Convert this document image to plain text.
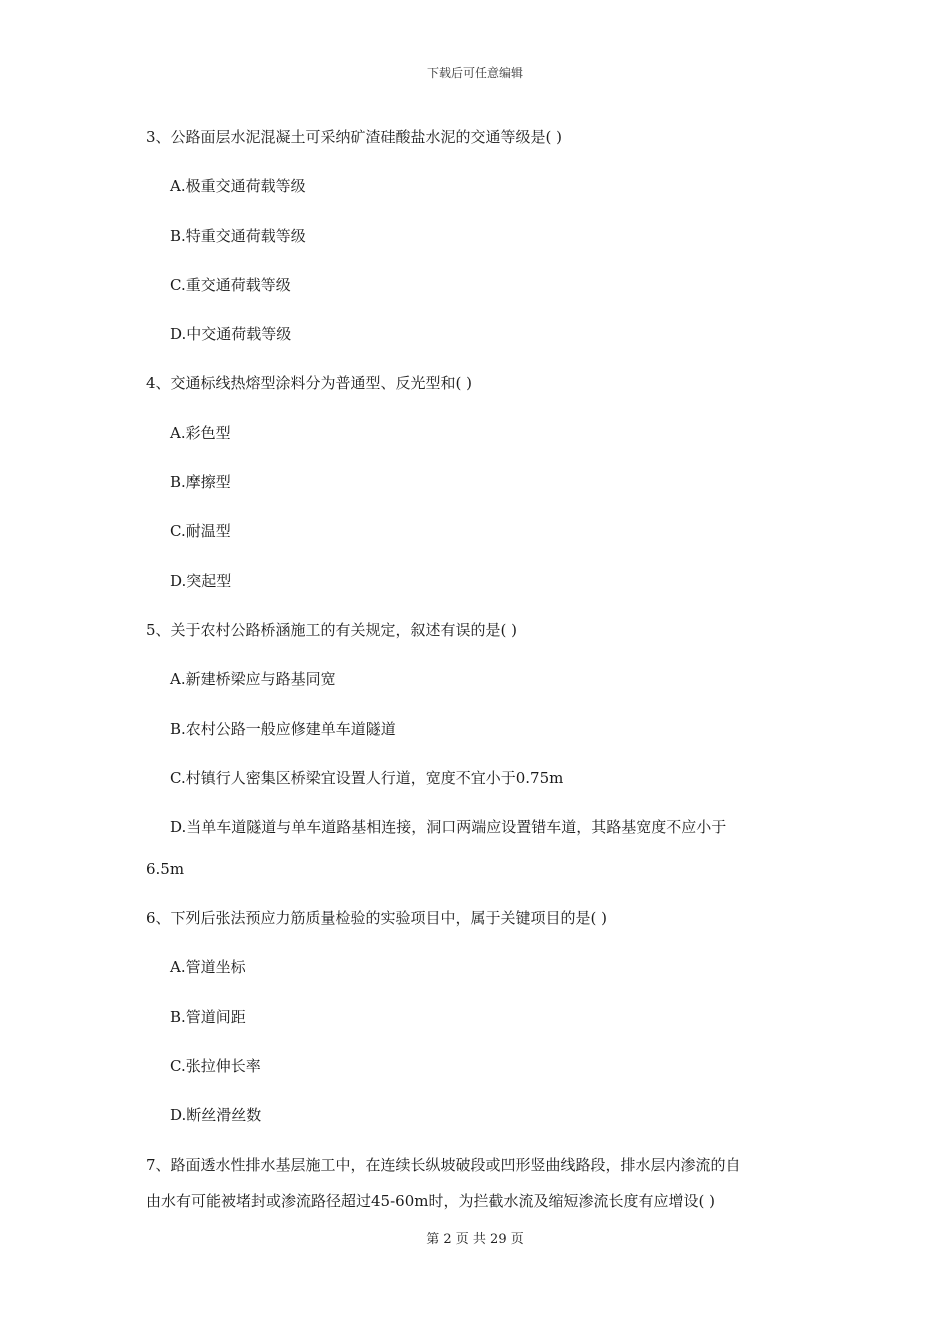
下载后可任意编辑
3、公路面层水泥混凝土可采纳矿渣硅酸盐水泥的交通等级是( )
A.极重交通荷载等级
B.特重交通荷载等级
C.重交通荷载等级
D.中交通荷载等级
4、交通标线热熔型涂料分为普通型、反光型和( )
A.彩色型
B.摩擦型
C.耐温型
D.突起型
5、关于农村公路桥涵施工的有关规定，叙述有误的是( )
A.新建桥梁应与路基同宽
B.农村公路一般应修建单车道隧道
C.村镇行人密集区桥梁宜设置人行道，宽度不宜小于0.75m
D.当单车道隧道与单车道路基相连接，洞口两端应设置错车道，其路基宽度不应小于
6.5m
6、下列后张法预应力筋质量检验的实验项目中，属于关键项目的是( )
A.管道坐标
B.管道间距
C.张拉伸长率
D.断丝滑丝数
7、路面透水性排水基层施工中，在连续长纵坡破段或凹形竖曲线路段，排水层内渗流的自
由水有可能被堵封或渗流路径超过45-60m时，为拦截水流及缩短渗流长度有应增设( )
第 2 页 共 29 页
